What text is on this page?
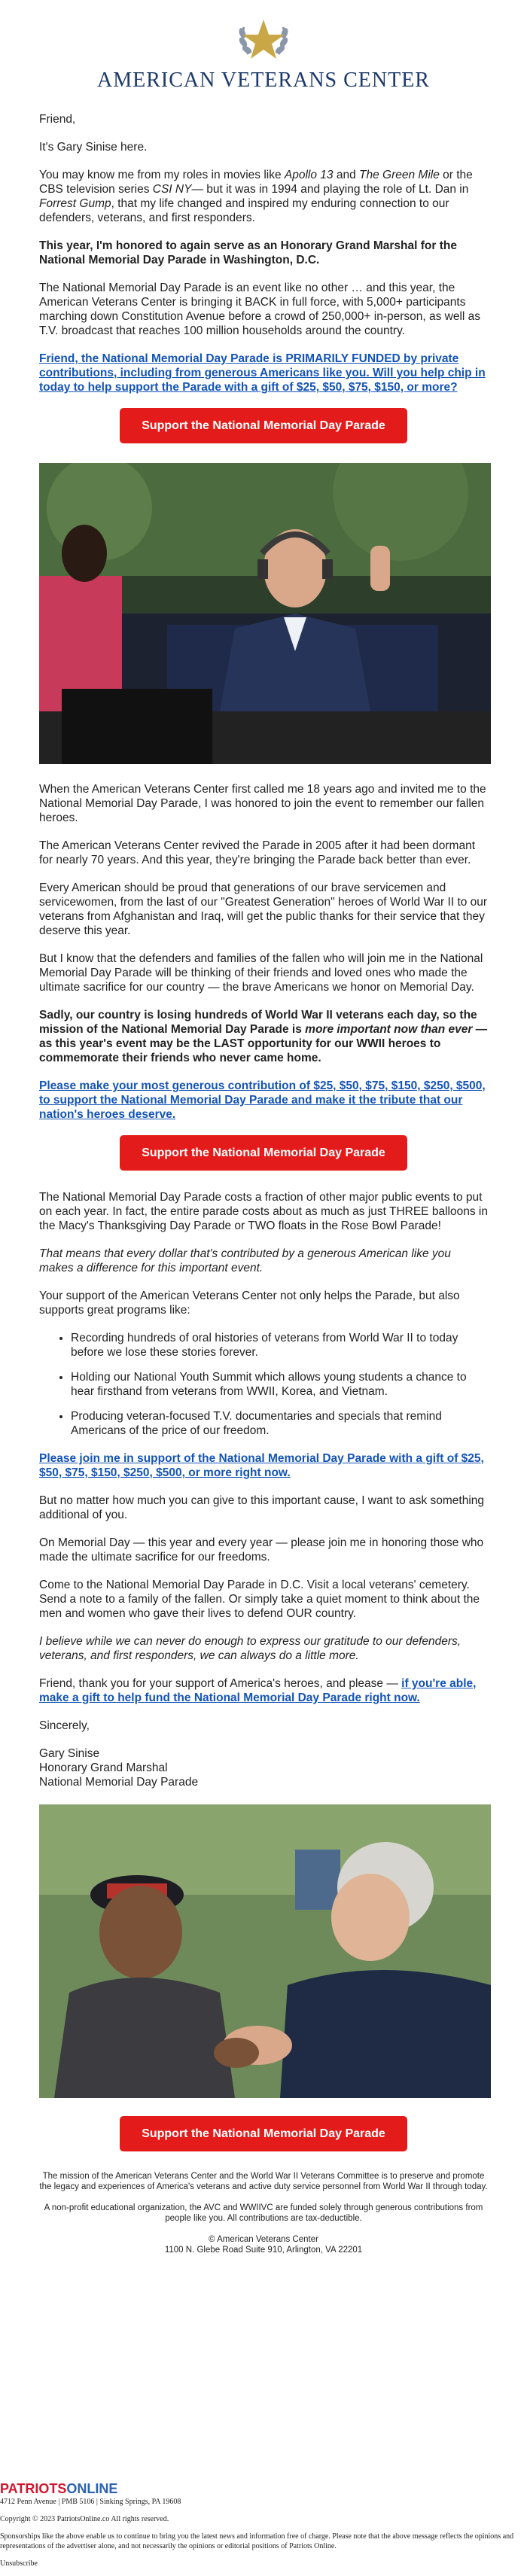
AMERICAN VETERANS CENTER

Friend,

It's Gary Sinise here.

You may know me from my roles in movies like Apollo 13 and The Green Mile or the CBS television series CSI NY— but it was in 1994 and playing the role of Lt. Dan in Forrest Gump, that my life changed and inspired my enduring connection to our defenders, veterans, and first responders.

This year, I'm honored to again serve as an Honorary Grand Marshal for the National Memorial Day Parade in Washington, D.C.

The National Memorial Day Parade is an event like no other … and this year, the American Veterans Center is bringing it BACK in full force, with 5,000+ participants marching down Constitution Avenue before a crowd of 250,000+ in-person, as well as T.V. broadcast that reaches 100 million households around the country.

Friend, the National Memorial Day Parade is PRIMARILY FUNDED by private contributions, including from generous Americans like you. Will you help chip in today to help support the Parade with a gift of $25, $50, $75, $150, or more?

Support the National Memorial Day Parade

When the American Veterans Center first called me 18 years ago and invited me to the National Memorial Day Parade, I was honored to join the event to remember our fallen heroes.

The American Veterans Center revived the Parade in 2005 after it had been dormant for nearly 70 years. And this year, they're bringing the Parade back better than ever.

Every American should be proud that generations of our brave servicemen and servicewomen, from the last of our "Greatest Generation" heroes of World War II to our veterans from Afghanistan and Iraq, will get the public thanks for their service that they deserve this year.

But I know that the defenders and families of the fallen who will join me in the National Memorial Day Parade will be thinking of their friends and loved ones who made the ultimate sacrifice for our country — the brave Americans we honor on Memorial Day.

Sadly, our country is losing hundreds of World War II veterans each day, so the mission of the National Memorial Day Parade is more important now than ever — as this year's event may be the LAST opportunity for our WWII heroes to commemorate their friends who never came home.

Please make your most generous contribution of $25, $50, $75, $150, $250, $500, to support the National Memorial Day Parade and make it the tribute that our nation's heroes deserve.

Support the National Memorial Day Parade

The National Memorial Day Parade costs a fraction of other major public events to put on each year. In fact, the entire parade costs about as much as just THREE balloons in the Macy's Thanksgiving Day Parade or TWO floats in the Rose Bowl Parade!

That means that every dollar that's contributed by a generous American like you makes a difference for this important event.

Your support of the American Veterans Center not only helps the Parade, but also supports great programs like:

• Recording hundreds of oral histories of veterans from World War II to today before we lose these stories forever.
• Holding our National Youth Summit which allows young students a chance to hear firsthand from veterans from WWII, Korea, and Vietnam.
• Producing veteran-focused T.V. documentaries and specials that remind Americans of the price of our freedom.

Please join me in support of the National Memorial Day Parade with a gift of $25, $50, $75, $150, $250, $500, or more right now.

But no matter how much you can give to this important cause, I want to ask something additional of you.

On Memorial Day — this year and every year — please join me in honoring those who made the ultimate sacrifice for our freedoms.

Come to the National Memorial Day Parade in D.C. Visit a local veterans' cemetery. Send a note to a family of the fallen. Or simply take a quiet moment to think about the men and women who gave their lives to defend OUR country.

I believe while we can never do enough to express our gratitude to our defenders, veterans, and first responders, we can always do a little more.

Friend, thank you for your support of America's heroes, and please — if you're able, make a gift to help fund the National Memorial Day Parade right now.

Sincerely,

Gary Sinise
Honorary Grand Marshal
National Memorial Day Parade
Support the National Memorial Day Parade
The mission of the American Veterans Center and the World War II Veterans Committee is to preserve and promote the legacy and experiences of America's veterans and active duty service personnel from World War II through today.
A non-profit educational organization, the AVC and WWIIVC are funded solely through generous contributions from people like you. All contributions are tax-deductible.
© American Veterans Center
1100 N. Glebe Road Suite 910, Arlington, VA 22201
PATRIOTSONLINE

4712 Penn Avenue | PMB 5106 | Sinking Springs, PA 19608

Copyright © 2023 PatriotsOnline.co All rights reserved.

Sponsorships like the above enable us to continue to bring you the latest news and information free of charge. Please note that the above message reflects the opinions and representations of the advertiser alone, and not necessarily the opinions or editorial positions of Patriots Online.

Unsubscribe
